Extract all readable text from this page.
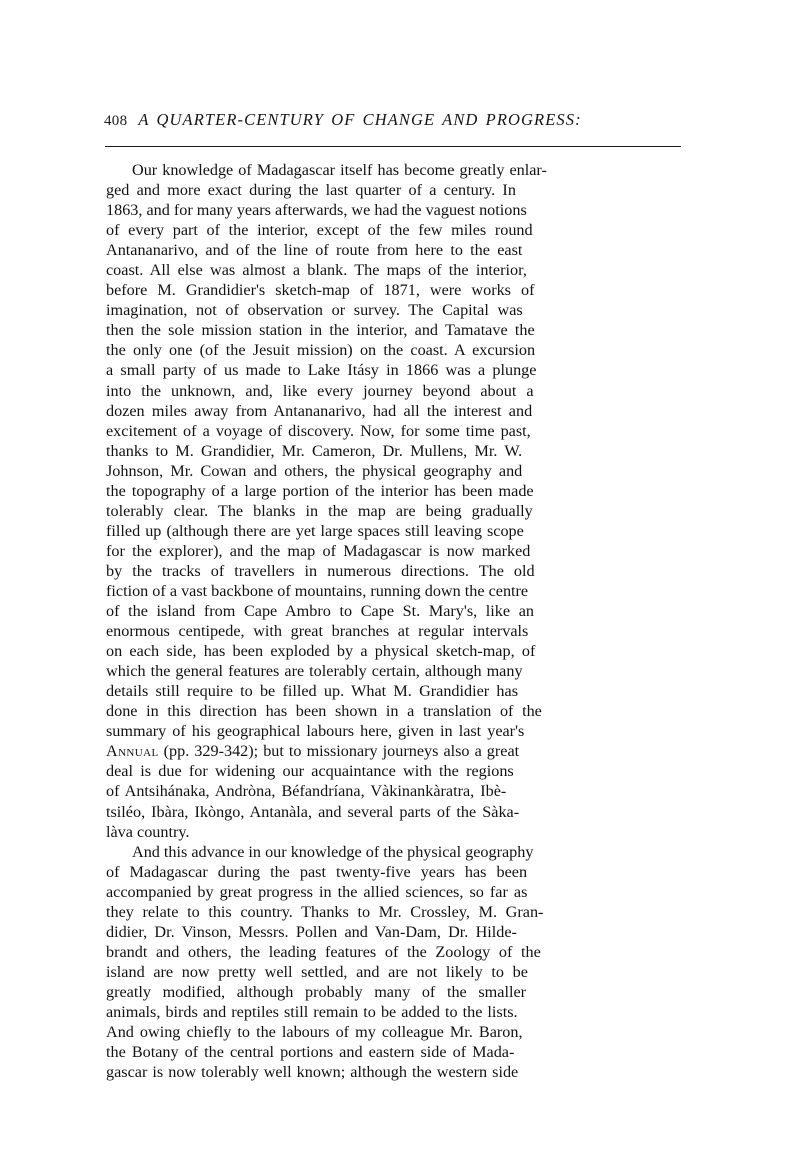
408 A QUARTER-CENTURY OF CHANGE AND PROGRESS:

Our knowledge of Madagascar itself has become greatly enlar-
ged and more exact during the last quarter of a century. In
1863, and for many years afterwards, we had the vaguest notions
of every part of the interior, except of the few miles round
Antananarivo, and of the line of route from here to the east
coast. All else was almost a blank. The maps of the interior,
before M. Grandidier's sketch-map of 1871, were works of
imagination, not of observation or survey. The Capital was
then the sole mission station in the interior, and Tamatave the
the only one (of the Jesuit mission) on the coast. A excursion
a small party of us made to Lake Itásy in 1866 was a plunge
into the unknown, and, like every journey beyond about a
dozen miles away from Antananarivo, had all the interest and
excitement of a voyage of discovery. Now, for some time past,
thanks to M. Grandidier, Mr. Cameron, Dr. Mullens, Mr. W.
Johnson, Mr. Cowan and others, the physical geography and
the topography of a large portion of the interior has been made
tolerably clear. The blanks in the map are being gradually
filled up (although there are yet large spaces still leaving scope
for the explorer), and the map of Madagascar is now marked
by the tracks of travellers in numerous directions. The old
fiction of a vast backbone of mountains, running down the centre
of the island from Cape Ambro to Cape St. Mary's, like an
enormous centipede, with great branches at regular intervals
on each side, has been exploded by a physical sketch-map, of
which the general features are tolerably certain, although many
details still require to be filled up. What M. Grandidier has
done in this direction has been shown in a translation of the
summary of his geographical labours here, given in last year's
Annual (pp. 329-342); but to missionary journeys also a great
deal is due for widening our acquaintance with the regions
of Antsihánaka, Andròna, Béfandríana, Vàkinankàratra, Ibè-
tsiléo, Ibàra, Ikòngo, Antanàla, and several parts of the Sàka-
làva country.

And this advance in our knowledge of the physical geography
of Madagascar during the past twenty-five years has been
accompanied by great progress in the allied sciences, so far as
they relate to this country. Thanks to Mr. Crossley, M. Gran-
didier, Dr. Vinson, Messrs. Pollen and Van-Dam, Dr. Hilde-
brandt and others, the leading features of the Zoology of the
island are now pretty well settled, and are not likely to be
greatly modified, although probably many of the smaller
animals, birds and reptiles still remain to be added to the lists.
And owing chiefly to the labours of my colleague Mr. Baron,
the Botany of the central portions and eastern side of Mada-
gascar is now tolerably well known; although the western side
